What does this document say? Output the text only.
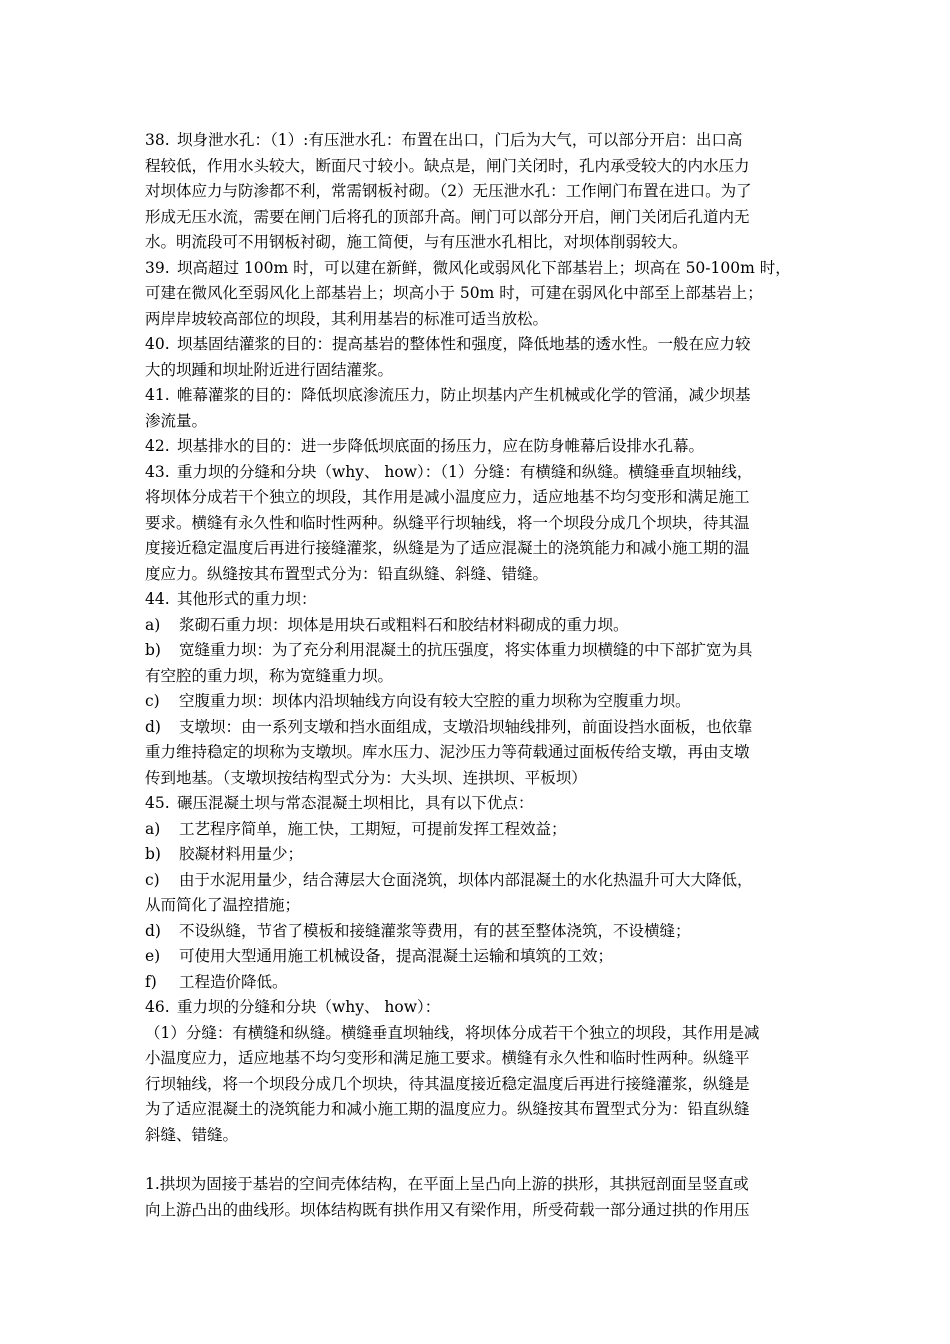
38. 坝身泄水孔：（1）:有压泄水孔：布置在出口，门后为大气，可以部分开启：出口高
程较低，作用水头较大，断面尺寸较小。缺点是，闸门关闭时，孔内承受较大的内水压力
对坝体应力与防渗都不利，常需钢板衬砌。（2）无压泄水孔：工作闸门布置在进口。为了
形成无压水流，需要在闸门后将孔的顶部升高。闸门可以部分开启，闸门关闭后孔道内无
水。明流段可不用钢板衬砌，施工简便，与有压泄水孔相比，对坝体削弱较大。
39. 坝高超过 100m 时，可以建在新鲜，微风化或弱风化下部基岩上；坝高在 50-100m 时，
可建在微风化至弱风化上部基岩上；坝高小于 50m 时，可建在弱风化中部至上部基岩上；
两岸岸坡较高部位的坝段，其利用基岩的标准可适当放松。
40. 坝基固结灌浆的目的：提高基岩的整体性和强度，降低地基的透水性。一般在应力较
大的坝踵和坝址附近进行固结灌浆。
41. 帷幕灌浆的目的：降低坝底渗流压力，防止坝基内产生机械或化学的管涌，减少坝基
渗流量。
42. 坝基排水的目的：进一步降低坝底面的扬压力，应在防身帷幕后设排水孔幕。
43. 重力坝的分缝和分块（why、 how）：（1）分缝：有横缝和纵缝。横缝垂直坝轴线，
将坝体分成若干个独立的坝段，其作用是减小温度应力，适应地基不均匀变形和满足施工
要求。横缝有永久性和临时性两种。纵缝平行坝轴线，将一个坝段分成几个坝块，待其温
度接近稳定温度后再进行接缝灌浆，纵缝是为了适应混凝土的浇筑能力和减小施工期的温
度应力。纵缝按其布置型式分为：铅直纵缝、斜缝、错缝。
44. 其他形式的重力坝：
a) 浆砌石重力坝：坝体是用块石或粗料石和胶结材料砌成的重力坝。
b) 宽缝重力坝：为了充分利用混凝土的抗压强度，将实体重力坝横缝的中下部扩宽为具
有空腔的重力坝，称为宽缝重力坝。
c) 空腹重力坝：坝体内沿坝轴线方向设有较大空腔的重力坝称为空腹重力坝。
d) 支墩坝：由一系列支墩和挡水面组成，支墩沿坝轴线排列，前面设挡水面板，也依靠
重力维持稳定的坝称为支墩坝。库水压力、泥沙压力等荷载通过面板传给支墩，再由支墩
传到地基。（支墩坝按结构型式分为：大头坝、连拱坝、平板坝）
45. 碾压混凝土坝与常态混凝土坝相比，具有以下优点：
a) 工艺程序简单，施工快，工期短，可提前发挥工程效益；
b) 胶凝材料用量少；
c) 由于水泥用量少，结合薄层大仓面浇筑，坝体内部混凝土的水化热温升可大大降低，
从而简化了温控措施；
d) 不设纵缝，节省了模板和接缝灌浆等费用，有的甚至整体浇筑，不设横缝；
e) 可使用大型通用施工机械设备，提高混凝土运输和填筑的工效；
f) 工程造价降低。
46. 重力坝的分缝和分块（why、 how）：
（1）分缝：有横缝和纵缝。横缝垂直坝轴线，将坝体分成若干个独立的坝段，其作用是减
小温度应力，适应地基不均匀变形和满足施工要求。横缝有永久性和临时性两种。纵缝平
行坝轴线，将一个坝段分成几个坝块，待其温度接近稳定温度后再进行接缝灌浆，纵缝是
为了适应混凝土的浇筑能力和减小施工期的温度应力。纵缝按其布置型式分为：铅直纵缝
斜缝、错缝。
1.拱坝为固接于基岩的空间壳体结构，在平面上呈凸向上游的拱形，其拱冠剖面呈竖直或
向上游凸出的曲线形。坝体结构既有拱作用又有梁作用，所受荷载一部分通过拱的作用压
